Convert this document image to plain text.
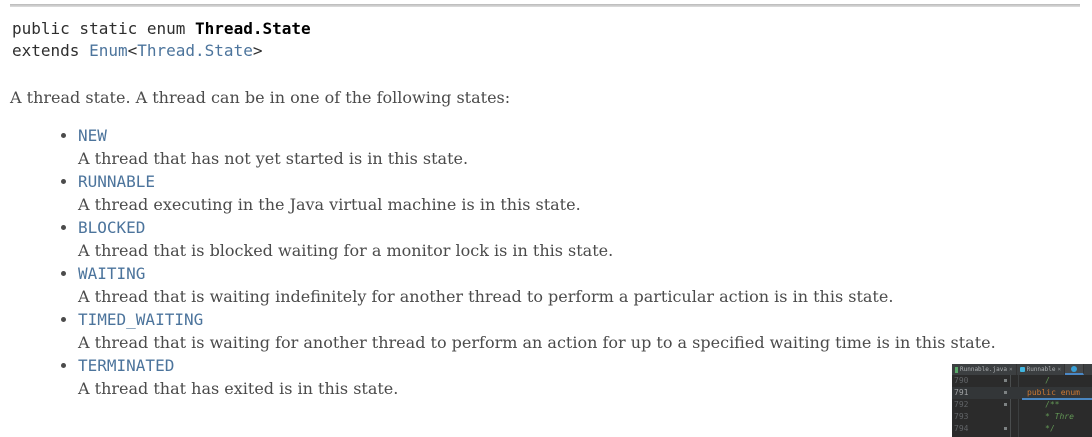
public static enum Thread.State
extends Enum<Thread.State>

A thread state. A thread can be in one of the following states:

• NEW
A thread that has not yet started is in this state.
• RUNNABLE
A thread executing in the Java virtual machine is in this state.
• BLOCKED
A thread that is blocked waiting for a monitor lock is in this state.
• WAITING
A thread that is waiting indefinitely for another thread to perform a particular action is in this state.
• TIMED_WAITING
A thread that is waiting for another thread to perform an action for up to a specified waiting time is in this state.
• TERMINATED
A thread that has exited is in this state.
Runnable.java × Runnable ×
790	/
791	public enum
792	/**
793	* Thre
794	*/
